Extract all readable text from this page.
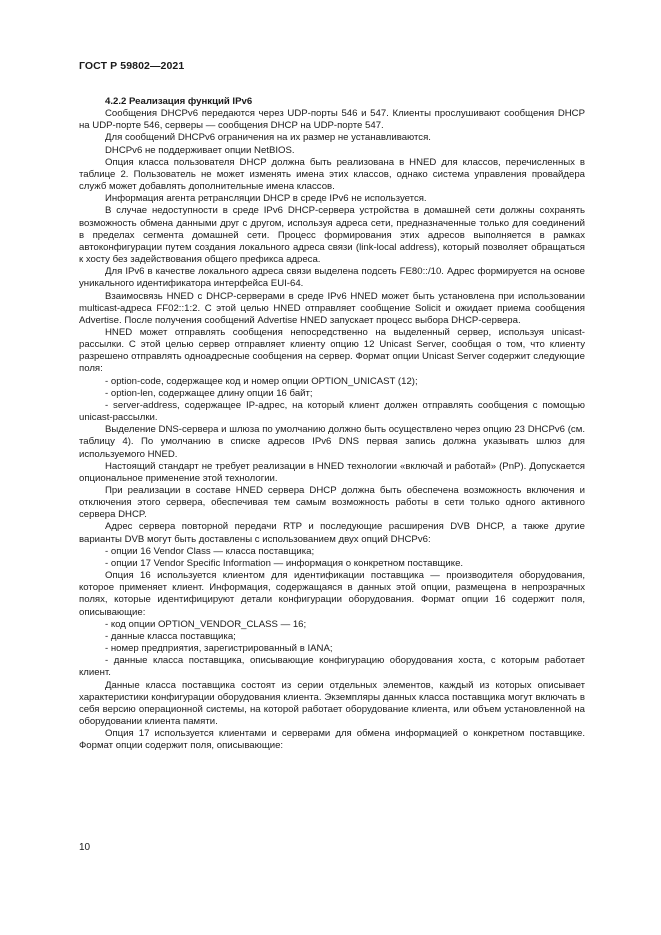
ГОСТ Р 59802—2021

4.2.2 Реализация функций IPv6

Сообщения DHCPv6 передаются через UDP-порты 546 и 547. Клиенты прослушивают сообщения DHCP на UDP-порте 546, серверы — сообщения DHCP на UDP-порте 547.

Для сообщений DHCPv6 ограничения на их размер не устанавливаются.

DHCPv6 не поддерживает опции NetBIOS.

Опция класса пользователя DHCP должна быть реализована в HNED для классов, перечисленных в таблице 2. Пользователь не может изменять имена этих классов, однако система управления провайдера служб может добавлять дополнительные имена классов.

Информация агента ретрансляции DHCP в среде IPv6 не используется.

В случае недоступности в среде IPv6 DHCP-сервера устройства в домашней сети должны сохранять возможность обмена данными друг с другом, используя адреса сети, предназначенные только для соединений в пределах сегмента домашней сети. Процесс формирования этих адресов выполняется в рамках автоконфигурации путем создания локального адреса связи (link-local address), который позволяет обращаться к хосту без задействования общего префикса адреса.

Для IPv6 в качестве локального адреса связи выделена подсеть FE80::/10. Адрес формируется на основе уникального идентификатора интерфейса EUI-64.

Взаимосвязь HNED с DHCP-серверами в среде IPv6 HNED может быть установлена при использовании multicast-адреса FF02::1:2. С этой целью HNED отправляет сообщение Solicit и ожидает приема сообщения Advertise. После получения сообщений Advertise HNED запускает процесс выбора DHCP-сервера.

HNED может отправлять сообщения непосредственно на выделенный сервер, используя unicast-рассылки. С этой целью сервер отправляет клиенту опцию 12 Unicast Server, сообщая о том, что клиенту разрешено отправлять одноадресные сообщения на сервер. Формат опции Unicast Server содержит следующие поля:

- option-code, содержащее код и номер опции OPTION_UNICAST (12);

- option-len, содержащее длину опции 16 байт;

- server-address, содержащее IP-адрес, на который клиент должен отправлять сообщения с помощью unicast-рассылки.

Выделение DNS-сервера и шлюза по умолчанию должно быть осуществлено через опцию 23 DHCPv6 (см. таблицу 4). По умолчанию в списке адресов IPv6 DNS первая запись должна указывать шлюз для используемого HNED.

Настоящий стандарт не требует реализации в HNED технологии «включай и работай» (PnP). Допускается опциональное применение этой технологии.

При реализации в составе HNED сервера DHCP должна быть обеспечена возможность включения и отключения этого сервера, обеспечивая тем самым возможность работы в сети только одного активного сервера DHCP.

Адрес сервера повторной передачи RTP и последующие расширения DVB DHCP, а также другие варианты DVB могут быть доставлены с использованием двух опций DHCPv6:

- опции 16 Vendor Class — класса поставщика;

- опции 17 Vendor Specific Information — информация о конкретном поставщике.

Опция 16 используется клиентом для идентификации поставщика — производителя оборудования, которое применяет клиент. Информация, содержащаяся в данных этой опции, размещена в непрозрачных полях, которые идентифицируют детали конфигурации оборудования. Формат опции 16 содержит поля, описывающие:

- код опции OPTION_VENDOR_CLASS — 16;

- данные класса поставщика;

- номер предприятия, зарегистрированный в IANA;

- данные класса поставщика, описывающие конфигурацию оборудования хоста, с которым работает клиент.

Данные класса поставщика состоят из серии отдельных элементов, каждый из которых описывает характеристики конфигурации оборудования клиента. Экземпляры данных класса поставщика могут включать в себя версию операционной системы, на которой работает оборудование клиента, или объем установленной на оборудовании клиента памяти.

Опция 17 используется клиентами и серверами для обмена информацией о конкретном поставщике. Формат опции содержит поля, описывающие:

10
